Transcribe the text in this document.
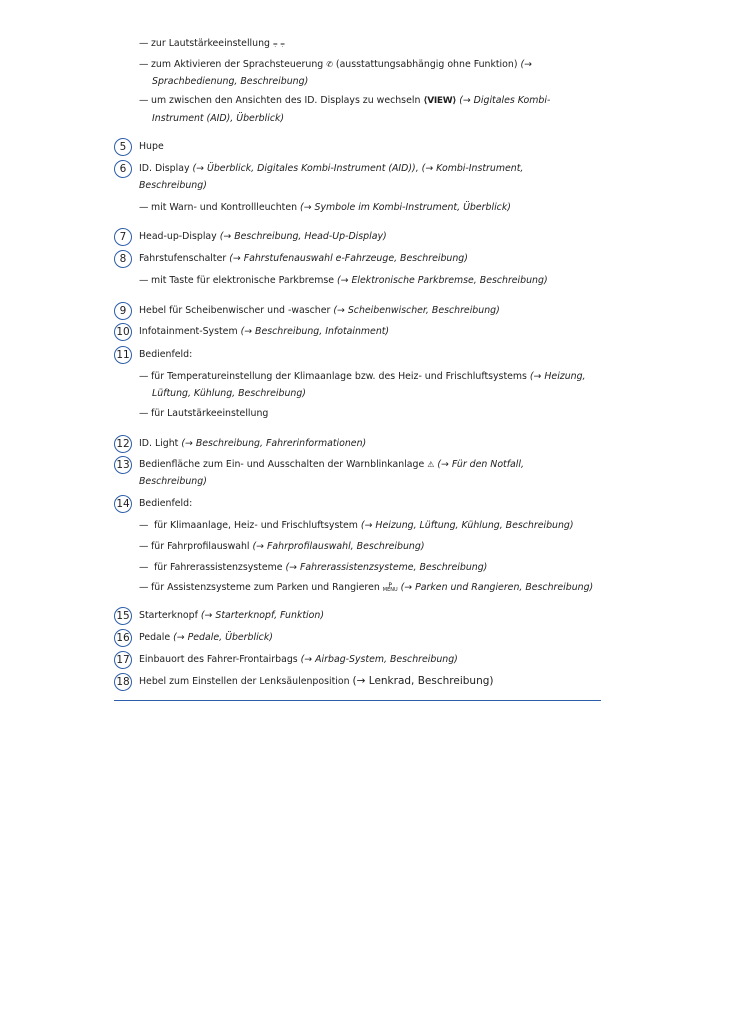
— zur Lautstärkeeinstellung ⩦ ⩦
— zum Aktivieren der Sprachsteuerung ✆ (ausstattungsabhängig ohne Funktion) (→
Sprachbedienung, Beschreibung)
— um zwischen den Ansichten des ID. Displays zu wechseln ⟨VIEW⟩ (→ Digitales Kombi-
Instrument (AID), Überblick)
5	Hupe
6	ID. Display (→ Überblick, Digitales Kombi-Instrument (AID)), (→ Kombi-Instrument,
Beschreibung)
— mit Warn- und Kontrollleuchten (→ Symbole im Kombi-Instrument, Überblick)
7	Head-up-Display (→ Beschreibung, Head-Up-Display)
8	Fahrstufenschalter (→ Fahrstufenauswahl e-Fahrzeuge, Beschreibung)
— mit Taste für elektronische Parkbremse (→ Elektronische Parkbremse, Beschreibung)
9	Hebel für Scheibenwischer und -wascher (→ Scheibenwischer, Beschreibung)
10 Infotainment-System (→ Beschreibung, Infotainment)
11 Bedienfeld:
— für Temperatureinstellung der Klimaanlage bzw. des Heiz- und Frischluftsystems (→ Heizung,
Lüftung, Kühlung, Beschreibung)
— für Lautstärkeeinstellung
12 ID. Light (→ Beschreibung, Fahrerinformationen)
13 Bedienfläche zum Ein- und Ausschalten der Warnblinkanlage ⚠ (→ Für den Notfall,
Beschreibung)
14 Bedienfeld:
— für Klimaanlage, Heiz- und Frischluftsystem (→ Heizung, Lüftung, Kühlung, Beschreibung)
— für Fahrprofilauswahl (→ Fahrprofilauswahl, Beschreibung)
— für Fahrerassistenzsysteme (→ Fahrerassistenzsysteme, Beschreibung)
— für Assistenzsysteme zum Parken und Rangieren	P
MENU (→ Parken und Rangieren, Beschreibung)
15 Starterknopf (→ Starterknopf, Funktion)
16 Pedale (→ Pedale, Überblick)
17 Einbauort des Fahrer-Frontairbags (→ Airbag-System, Beschreibung)
18 Hebel zum Einstellen der Lenksäulenposition (→ Lenkrad, Beschreibung)
